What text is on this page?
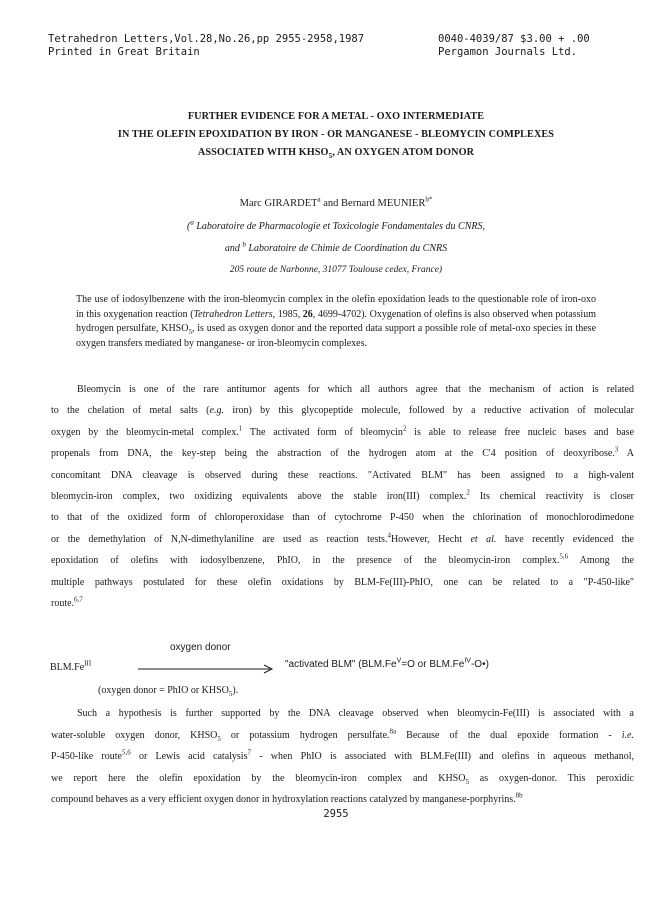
Tetrahedron Letters,Vol.28,No.26,pp 2955-2958,1987
Printed in Great Britain
0040-4039/87 $3.00 + .00
Pergamon Journals Ltd.
FURTHER EVIDENCE FOR A METAL - OXO INTERMEDIATE
IN THE OLEFIN EPOXIDATION BY IRON - OR MANGANESE - BLEOMYCIN COMPLEXES
ASSOCIATED WITH $KHSO_5$, AN OXYGEN ATOM DONOR
Marc GIRARDET$^a$ and Bernard $MEUNIER^{b*}$
($^a$ Laboratoire de Pharmacologie et Toxicologie Fondamentales du CNRS,
and $^b$ Laboratoire de Chimie de Coordination du CNRS
205 route de Narbonne, 31077 Toulouse cedex, France)
The use of iodosylbenzene with the iron-bleomycin complex in the olefin epoxidation leads to the questionable role of iron-oxo in this oxygenation reaction (Tetrahedron Letters, 1985, 26, 4699-4702). Oxygenation of olefins is also observed when potassium hydrogen persulfate, $KHSO_5$, is used as oxygen donor and the reported data support a possible role of metal-oxo species in these oxygen transfers mediated by manganese- or iron-bleomycin complexes.
Bleomycin is one of the rare antitumor agents for which all authors agree that the mechanism of action is related
to the chelation of metal salts (e.g. iron) by this glycopeptide molecule, followed by a reductive activation of molecular
oxygen by the bleomycin-metal complex.$^1$ The activated form of bleomycin$^2$ is able to release free nucleic bases and base
propenals from DNA, the key-step being the abstraction of the hydrogen atom at the C'4 position of deoxyribose.$^3$ A
concomitant DNA cleavage is observed during these reactions. "Activated BLM" has been assigned to a high-valent
bleomycin-iron complex, two oxidizing equivalents above the stable iron(III) complex.$^2$ Its chemical reactivity is closer
to that of the oxidized form of chloroperoxidase than of cytochrome P-450 when the chlorination of monochlorodimedone
or the demethylation of N,N-dimethylaniline are used as reaction tests.$^4$However, Hecht et al. have recently evidenced the
epoxidation of olefins with iodosylbenzene, PhIO, in the presence of the bleomycin-iron complex.$^{5,6}$ Among the
multiple pathways postulated for these olefin oxidations by BLM-Fe(III)-PhIO, one can be related to a "P-450-like"
route.$^{6,7}$
oxygen donor
$BLM.Fe^{III}$	"activated BLM" ($BLM.Fe^V=O$ or $BLM.Fe^{IV}-O•$)
(oxygen donor = PhIO or $KHSO_5$).
Such a hypothesis is further supported by the DNA cleavage observed when bleomycin-Fe(III) is associated with a
water-soluble oxygen donor, $KHSO_5$ or potassium hydrogen persulfate.$^{8a}$ Because of the dual epoxide formation - i.e.
P-450-like route$^{5,6}$ or Lewis acid catalysis$^7$ - when PhIO is associated with BLM.Fe(III) and olefins in aqueous methanol,
we report here the olefin epoxidation by the bleomycin-iron complex and $KHSO_5$ as oxygen-donor. This peroxidic
compound behaves as a very efficient oxygen donor in hydroxylation reactions catalyzed by manganese-porphyrins.$^{8b}$
2955
